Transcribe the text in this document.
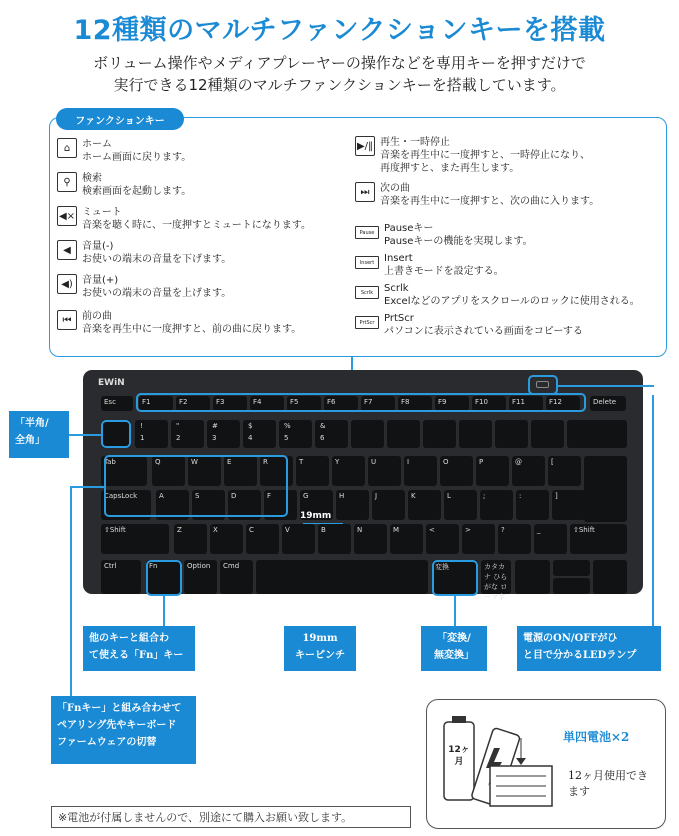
12種類のマルチファンクションキーを搭載
ボリューム操作やメディアプレーヤーの操作などを専用キーを押すだけで
実行できる12種類のマルチファンクションキーを搭載しています。
ファンクションキー
⌂	ホーム
ホーム画面に戻ります。
⚲	検索
検索画面を起動します。
◀× ミュート
音楽を聴く時に、一度押すとミュートになります。
◀	音量(-)
お使いの端末の音量を下げます。
◀) 音量(+)
お使いの端末の音量を上げます。
⏮	前の曲
音楽を再生中に一度押すと、前の曲に戻ります。
▶/‖ 再生・一時停止
音楽を再生中に一度押すと、一時停止になり、
再度押すと、また再生します。
⏭	次の曲
音楽を再生中に一度押すと、次の曲に入ります。
Pause Pauseキー
Pauseキーの機能を実現します。
Insert Insert
上書きモードを設定する。
Scrlk	Scrlk
Excelなどのアプリをスクロールのロックに使用される。
PrtScr PrtScr
パソコンに表示されている画面をコピーする
EWiN
Esc	F1	F2	F3	F4	F5	F6	F7	F8	F9	F10	F11	F12	Delete
!
1
"
2
#
3
$
4
%
5
&
6
Tab	Q	W	E	R	T	Y	U	I	O	P	@	[
CapsLock	A	S	D	F	G	H	J	K	L	;	:	]
⇧Shift	Z	X	C	V	B	N	M	<	>	?	_	⇧Shift
Ctrl	Fn	Option	Cmd	変換	カタカナ ひらがな ローマ字
19mm
「半角/
全角」
他のキーと組合わ
て使える「Fn」キー
19mm
キーピンチ
「変換/
無変換」
電源のON/OFFがひ
と目で分かるLEDランプ
「Fnキー」と組み合わせて
ペアリング先やキーボード
ファームウェアの切替
12ヶ月
単四電池×2
12ヶ月使用できます
※電池が付属しませんので、別途にて購入お願い致します。
